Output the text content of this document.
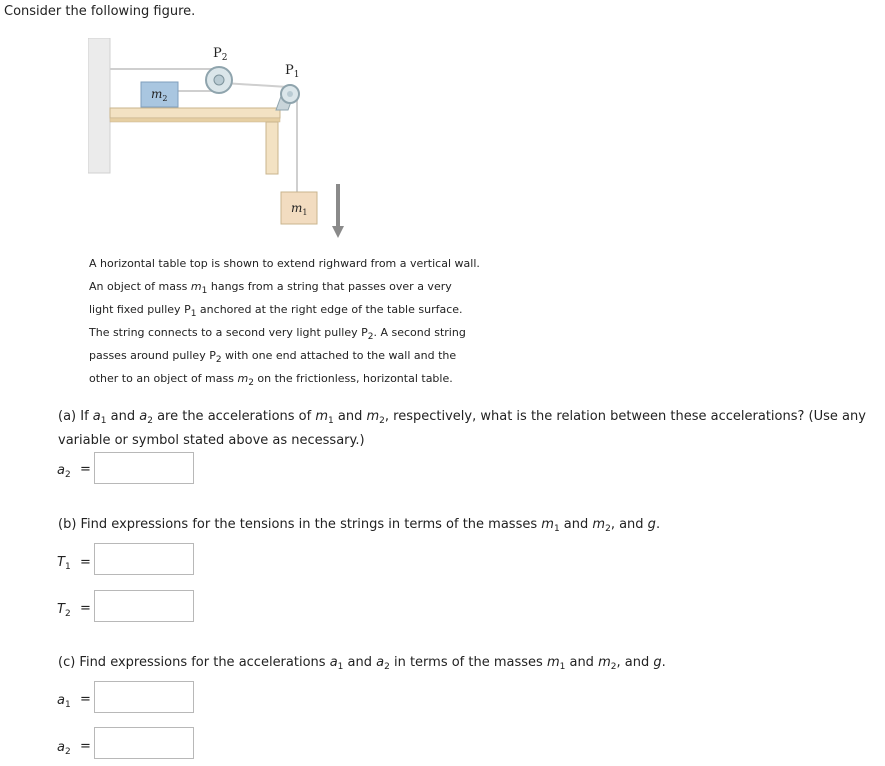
Consider the following figure.
$P_2$
$P_1$
$m_2$
$m_1$
A horizontal table top is shown to extend righward from a vertical wall.
An object of mass $m_1$ hangs from a string that passes over a very
light fixed pulley $P_1$ anchored at the right edge of the table surface.
The string connects to a second very light pulley $P_2$. A second string
passes around pulley $P_2$ with one end attached to the wall and the
other to an object of mass $m_2$ on the frictionless, horizontal table.
(a) If $a_1$ and $a_2$ are the accelerations of $m_1$ and $m_2$, respectively, what is the relation between these accelerations? (Use any variable or symbol stated above as necessary.)
$a_2$ =
(b) Find expressions for the tensions in the strings in terms of the masses $m_1$ and $m_2$, and g.
$T_1$ =
$T_2$ =
(c) Find expressions for the accelerations $a_1$ and $a_2$ in terms of the masses $m_1$ and $m_2$, and g.
$a_1$ =
$a_2$ =
